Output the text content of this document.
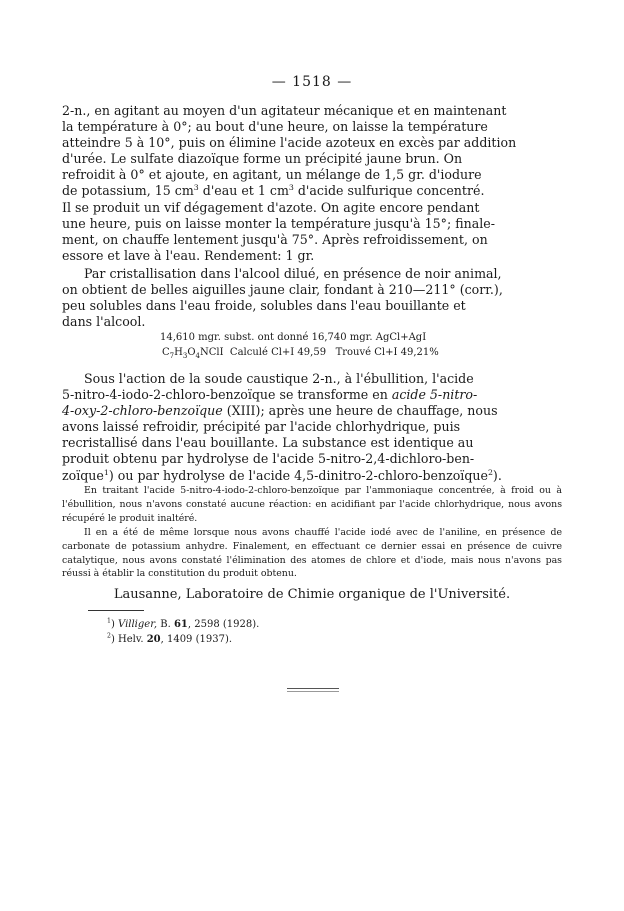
— 1518 —

2-n., en agitant au moyen d'un agitateur mécanique et en maintenant

la température à 0°; au bout d'une heure, on laisse la température

atteindre 5 à 10°, puis on élimine l'acide azoteux en excès par addition

d'urée. Le sulfate diazoïque forme un précipité jaune brun. On

refroidit à 0° et ajoute, en agitant, un mélange de 1,5 gr. d'iodure

de potassium, 15 $cm^3$ d'eau et 1 $cm^3$ d'acide sulfurique concentré.

Il se produit un vif dégagement d'azote. On agite encore pendant

une heure, puis on laisse monter la température jusqu'à 15°; finale-

ment, on chauffe lentement jusqu'à 75°. Après refroidissement, on

essore et lave à l'eau. Rendement: 1 gr.

Par cristallisation dans l'alcool dilué, en présence de noir animal,

on obtient de belles aiguilles jaune clair, fondant à 210—211° (corr.),

peu solubles dans l'eau froide, solubles dans l'eau bouillante et

dans l'alcool.

14,610 mgr. subst. ont donné 16,740 mgr. AgCl+AgI
$C_7H_3O_4NClI$  Calculé Cl+I 49,59   Trouvé Cl+I 49,21%

Sous l'action de la soude caustique 2-n., à l'ébullition, l'acide

5-nitro-4-iodo-2-chloro-benzoïque se transforme en acide 5-nitro-

4-oxy-2-chloro-benzoïque (XIII); après une heure de chauffage, nous

avons laissé refroidir, précipité par l'acide chlorhydrique, puis

recristallisé dans l'eau bouillante. La substance est identique au

produit obtenu par hydrolyse de l'acide 5-nitro-2,4-dichloro-ben-

zoïque$^1$) ou par hydrolyse de l'acide 4,5-dinitro-2-chloro-benzoïque$^2$).

En traitant l'acide 5-nitro-4-iodo-2-chloro-benzoïque par l'ammoniaque concentrée, à froid ou à l'ébullition, nous n'avons constaté aucune réaction: en acidifiant par l'acide chlorhydrique, nous avons récupéré le produit inaltéré.

Il en a été de même lorsque nous avons chauffé l'acide iodé avec de l'aniline, en présence de carbonate de potassium anhydre. Finalement, en effectuant ce dernier essai en présence de cuivre catalytique, nous avons constaté l'élimination des atomes de chlore et d'iode, mais nous n'avons pas réussi à établir la constitution du produit obtenu.

Lausanne, Laboratoire de Chimie organique de l'Université.
$^1$) Villiger, B. 61, 2598 (1928).
$^2$) Helv. 20, 1409 (1937).
